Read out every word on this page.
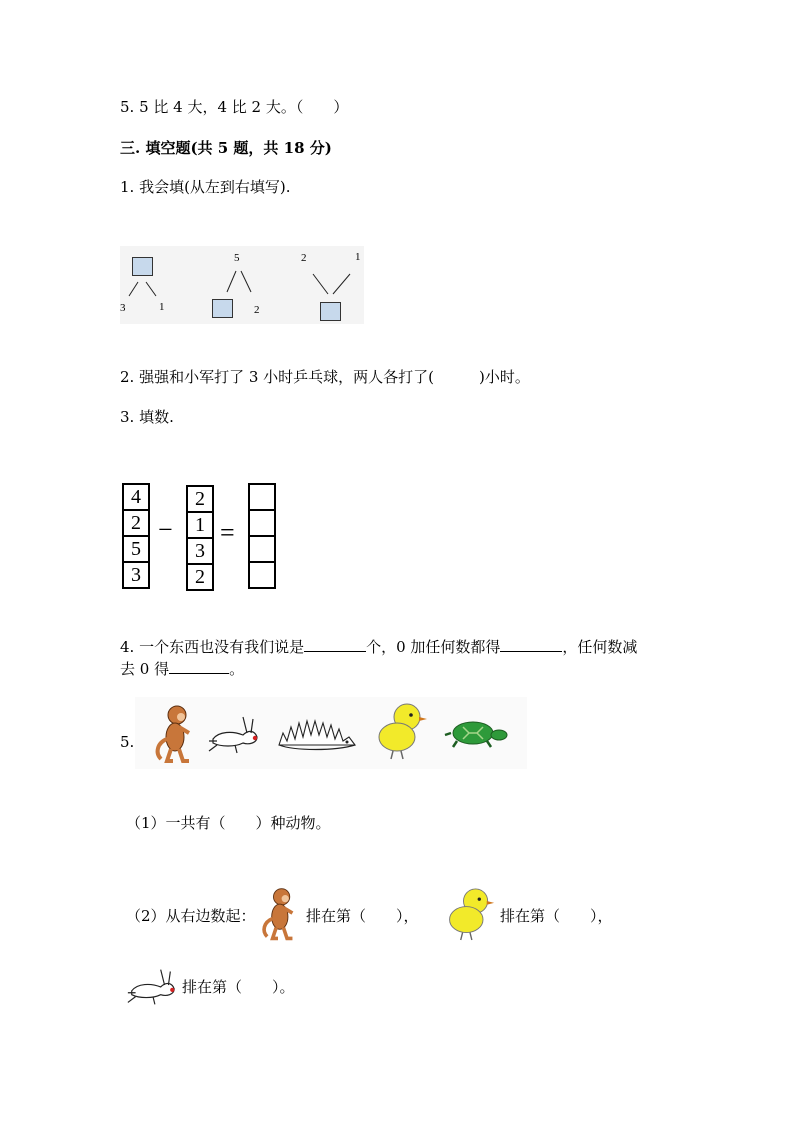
5. 5 比 4 大，4 比 2 大。（　　）
三. 填空题(共 5 题，共 18 分)
1. 我会填(从左到右填写).
3	1
5
2
2	1
2. 强强和小军打了 3 小时乒乓球，两人各打了(　　　)小时。
3. 填数.
4
2
5
3
−
2
1
3
2
=
4. 一个东西也没有我们说是	个，0 加任何数都得	，任何数减
去 0 得	。
5.
（1）一共有（　　）种动物。
（2）从右边数起：	排在第（　　），	排在第（　　），
排在第（　　）。
